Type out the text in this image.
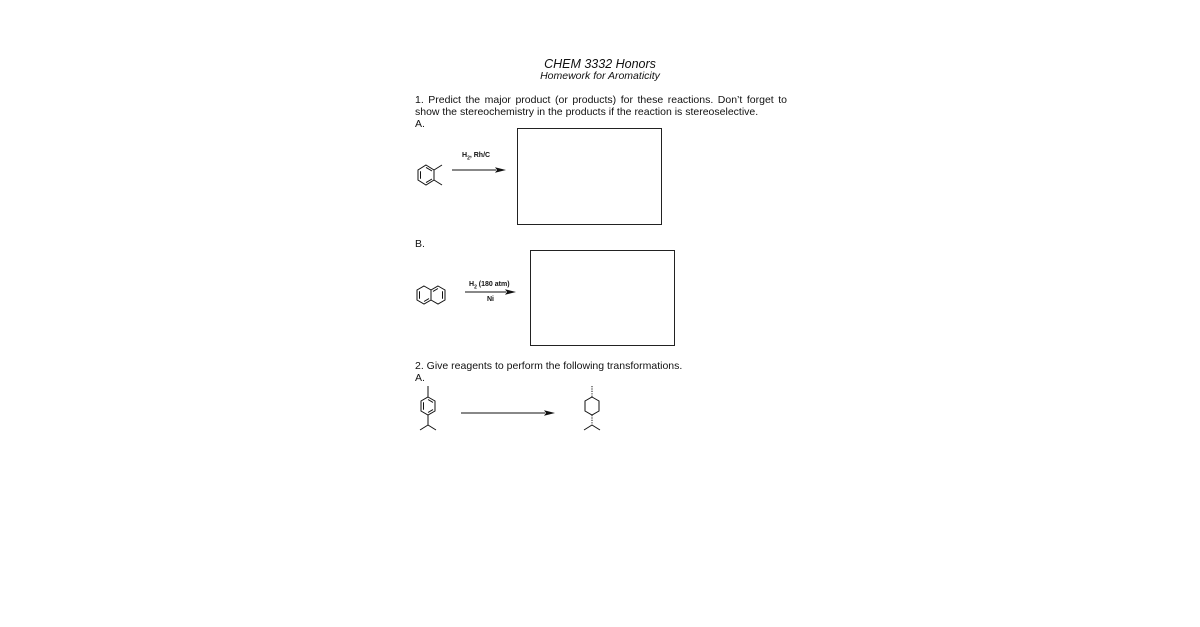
CHEM 3332 Honors
Homework for Aromaticity
1. Predict the major product (or products) for these reactions. Don’t forget to show the stereochemistry in the products if the reaction is stereoselective.
A.
$H_2$, Rh/C
B.
$H_2$ (180 atm)
Ni
2. Give reagents to perform the following transformations.
A.
